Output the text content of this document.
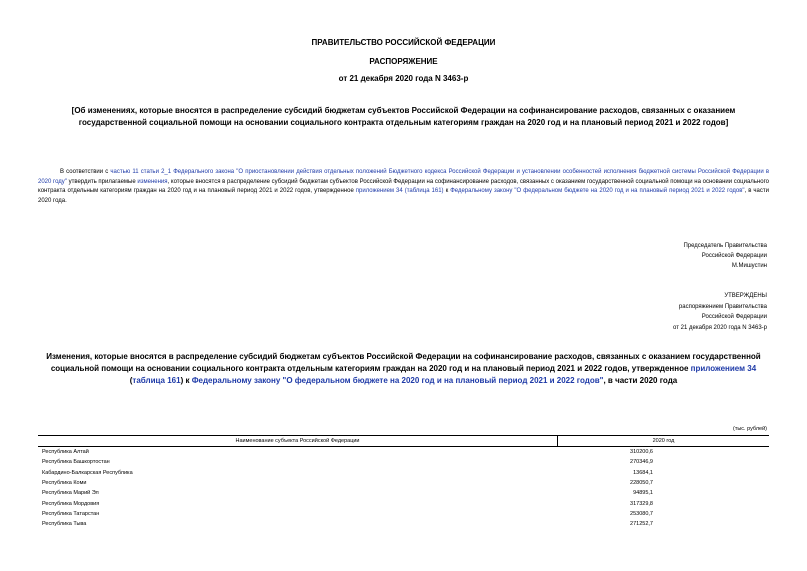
ПРАВИТЕЛЬСТВО РОССИЙСКОЙ ФЕДЕРАЦИИ
РАСПОРЯЖЕНИЕ
от 21 декабря 2020 года N 3463-р
[Об изменениях, которые вносятся в распределение субсидий бюджетам субъектов Российской Федерации на софинансирование расходов, связанных с оказанием государственной социальной помощи на основании социального контракта отдельным категориям граждан на 2020 год и на плановый период 2021 и 2022 годов]
В соответствии с частью 11 статьи 2_1 Федерального закона "О приостановлении действия отдельных положений Бюджетного кодекса Российской Федерации и установлении особенностей исполнения бюджетной системы Российской Федерации в 2020 году" утвердить прилагаемые изменения, которые вносятся в распределение субсидий бюджетам субъектов Российской Федерации на софинансирование расходов, связанных с оказанием государственной социальной помощи на основании социального контракта отдельным категориям граждан на 2020 год и на плановый период 2021 и 2022 годов, утвержденное приложением 34 (таблица 161) к Федеральному закону "О федеральном бюджете на 2020 год и на плановый период 2021 и 2022 годов", в части 2020 года.
Председатель Правительства
Российской Федерации
М.Мишустин
УТВЕРЖДЕНЫ
распоряжением Правительства
Российской Федерации
от 21 декабря 2020 года N 3463-р
Изменения, которые вносятся в распределение субсидий бюджетам субъектов Российской Федерации на софинансирование расходов, связанных с оказанием государственной социальной помощи на основании социального контракта отдельным категориям граждан на 2020 год и на плановый период 2021 и 2022 годов, утвержденное приложением 34 (таблица 161) к Федеральному закону "О федеральном бюджете на 2020 год и на плановый период 2021 и 2022 годов", в части 2020 года
(тыс. рублей)
Наименование субъекта Российской Федерации	2020 год
Республика Алтай	310200,6
Республика Башкортостан	270346,9
Кабардино-Балкарская Республика	13684,1
Республика Коми	228050,7
Республика Марий Эл	94895,1
Республика Мордовия	317329,8
Республика Татарстан	253080,7
Республика Тыва	271252,7
